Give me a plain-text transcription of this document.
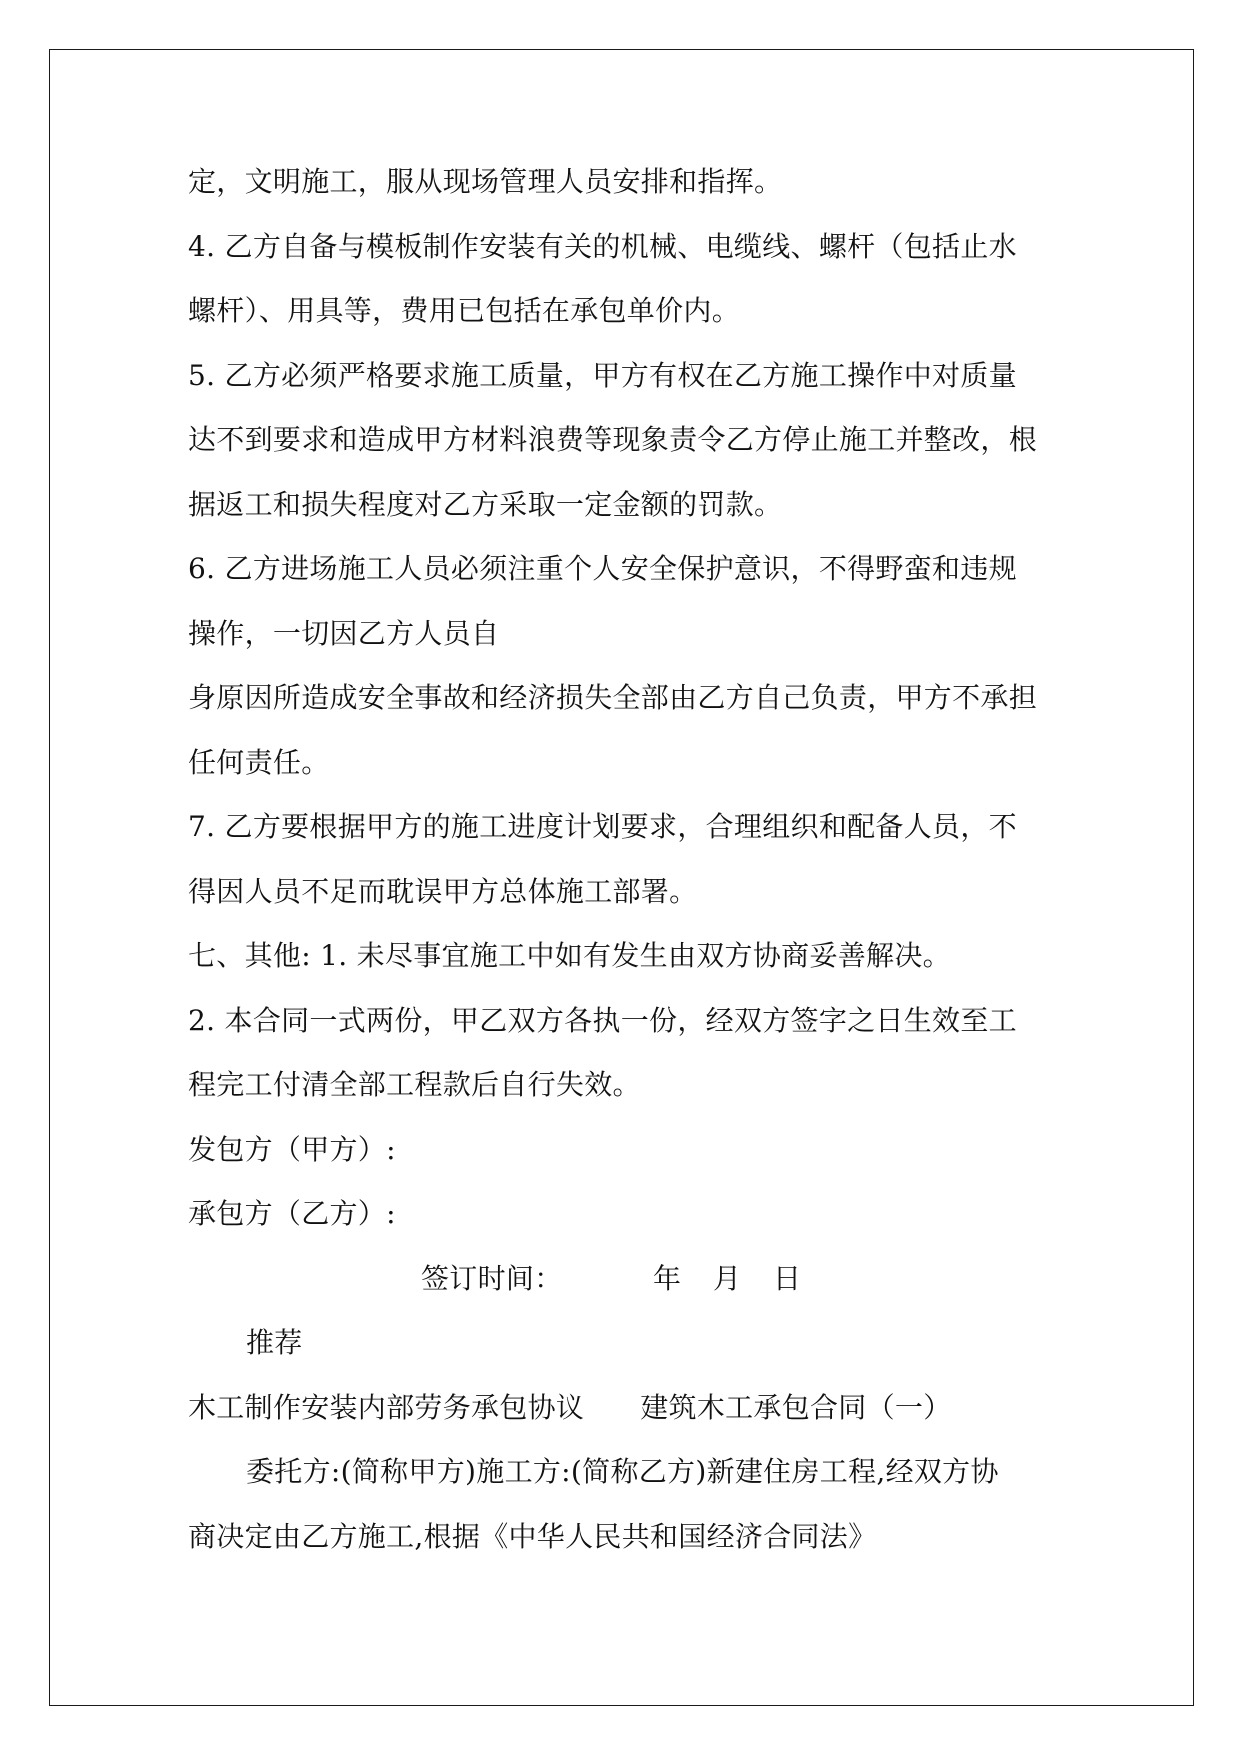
定，文明施工，服从现场管理人员安排和指挥。
4. 乙方自备与模板制作安装有关的机械、电缆线、螺杆（包括止水
螺杆）、用具等，费用已包括在承包单价内。
5. 乙方必须严格要求施工质量，甲方有权在乙方施工操作中对质量
达不到要求和造成甲方材料浪费等现象责令乙方停止施工并整改，根
据返工和损失程度对乙方采取一定金额的罚款。
6. 乙方进场施工人员必须注重个人安全保护意识，不得野蛮和违规
操作，一切因乙方人员自
身原因所造成安全事故和经济损失全部由乙方自己负责，甲方不承担
任何责任。
7. 乙方要根据甲方的施工进度计划要求，合理组织和配备人员，不
得因人员不足而耽误甲方总体施工部署。
七、其他: 1. 未尽事宜施工中如有发生由双方协商妥善解决。
2. 本合同一式两份，甲乙双方各执一份，经双方签字之日生效至工
程完工付清全部工程款后自行失效。
发包方（甲方）:
承包方（乙方）:
签订时间：	年 月 日
推荐
木工制作安装内部劳务承包协议 建筑木工承包合同（一）
委托方:(简称甲方)施工方:(简称乙方)新建住房工程,经双方协
商决定由乙方施工,根据《中华人民共和国经济合同法》
